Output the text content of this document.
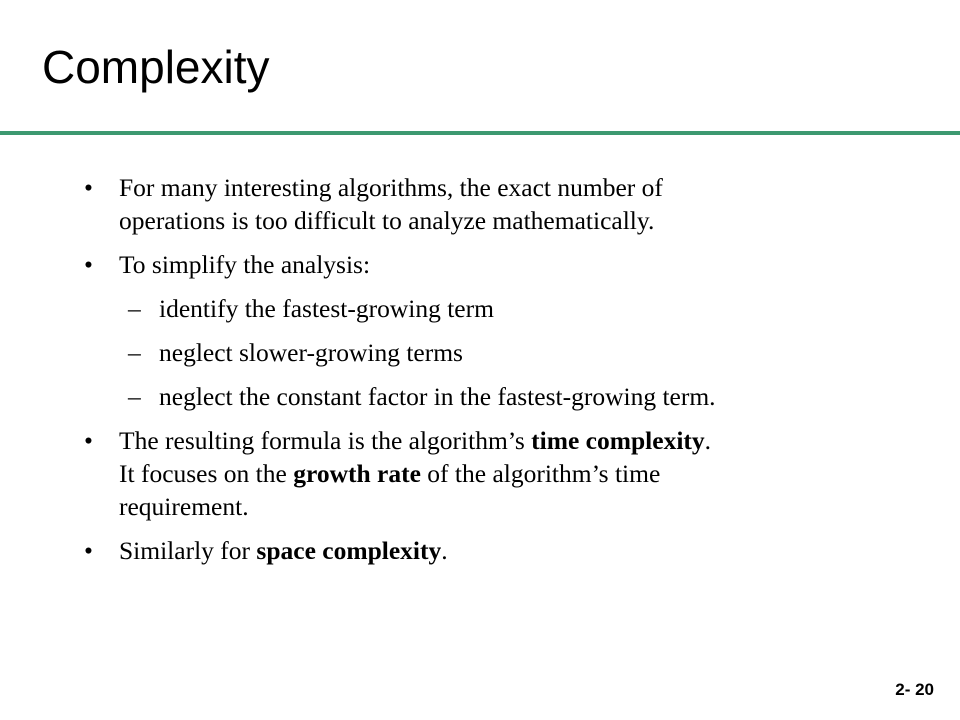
Complexity
• For many interesting algorithms, the exact number of
operations is too difficult to analyze mathematically.
• To simplify the analysis:
– identify the fastest-growing term
– neglect slower-growing terms
– neglect the constant factor in the fastest-growing term.
• The resulting formula is the algorithm’s time complexity.
It focuses on the growth rate of the algorithm’s time
requirement.
• Similarly for space complexity.
2- 20
